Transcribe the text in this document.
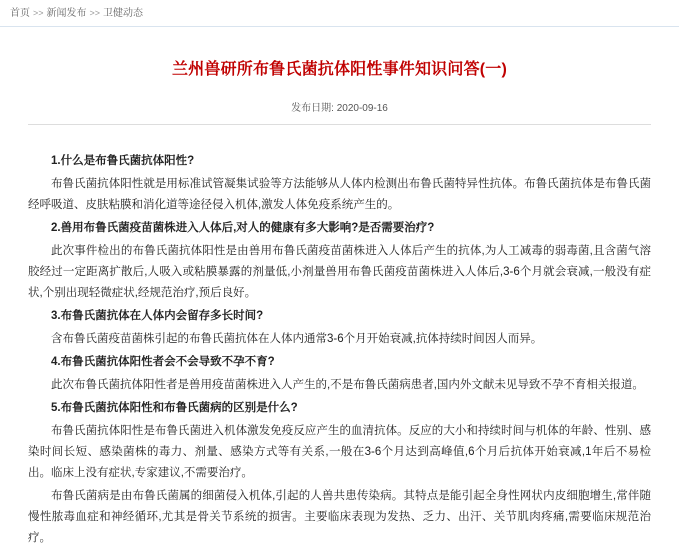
首页 >> 新闻发布 >> 卫健动态
兰州兽研所布鲁氏菌抗体阳性事件知识问答(一)
发布日期: 2020-09-16

1.什么是布鲁氏菌抗体阳性?

布鲁氏菌抗体阳性就是用标准试管凝集试验等方法能够从人体内检测出布鲁氏菌特异性抗体。布鲁氏菌抗体是布鲁氏菌经呼吸道、皮肤粘膜和消化道等途径侵入机体,激发人体免疫系统产生的。

2.兽用布鲁氏菌疫苗菌株进入人体后,对人的健康有多大影响?是否需要治疗?

此次事件检出的布鲁氏菌抗体阳性是由兽用布鲁氏菌疫苗菌株进入人体后产生的抗体,为人工减毒的弱毒菌,且含菌气溶胶经过一定距离扩散后,人吸入或粘膜暴露的剂量低,小剂量兽用布鲁氏菌疫苗菌株进入人体后,3-6个月就会衰减,一般没有症状,个别出现轻微症状,经规范治疗,预后良好。

3.布鲁氏菌抗体在人体内会留存多长时间?

含布鲁氏菌疫苗菌株引起的布鲁氏菌抗体在人体内通常3-6个月开始衰减,抗体持续时间因人而异。

4.布鲁氏菌抗体阳性者会不会导致不孕不育?

此次布鲁氏菌抗体阳性者是兽用疫苗菌株进入人产生的,不是布鲁氏菌病患者,国内外文献未见导致不孕不育相关报道。

5.布鲁氏菌抗体阳性和布鲁氏菌病的区别是什么?

布鲁氏菌抗体阳性是布鲁氏菌进入机体激发免疫反应产生的血清抗体。反应的大小和持续时间与机体的年龄、性别、感染时间长短、感染菌株的毒力、剂量、感染方式等有关系,一般在3-6个月达到高峰值,6个月后抗体开始衰减,1年后不易检出。临床上没有症状,专家建议,不需要治疗。

布鲁氏菌病是由布鲁氏菌属的细菌侵入机体,引起的人兽共患传染病。其特点是能引起全身性网状内皮细胞增生,常伴随慢性脓毒血症和神经循环,尤其是骨关节系统的损害。主要临床表现为发热、乏力、出汗、关节肌肉疼痛,需要临床规范治疗。
